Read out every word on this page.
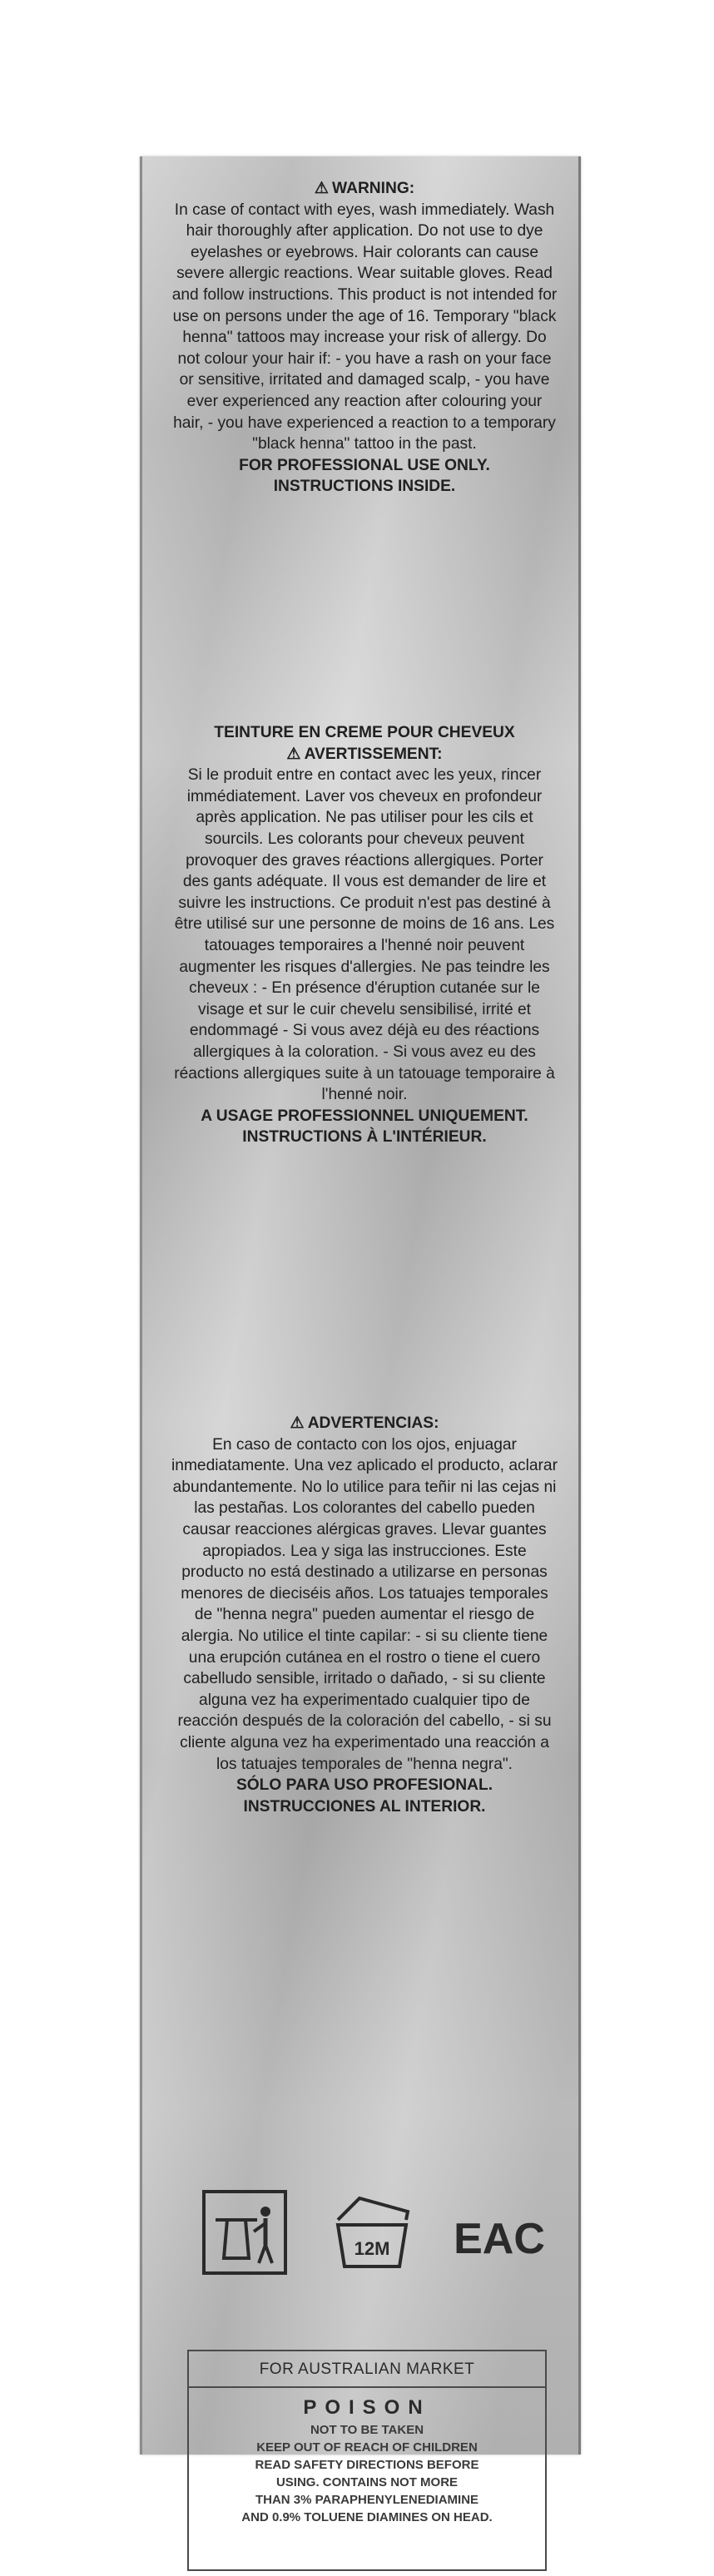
⚠ WARNING:
In case of contact with eyes, wash immediately. Wash hair thoroughly after application. Do not use to dye eyelashes or eyebrows. Hair colorants can cause severe allergic reactions. Wear suitable gloves. Read and follow instructions. This product is not intended for use on persons under the age of 16. Temporary "black henna" tattoos may increase your risk of allergy. Do not colour your hair if: - you have a rash on your face or sensitive, irritated and damaged scalp, - you have ever experienced any reaction after colouring your hair, - you have experienced a reaction to a temporary "black henna" tattoo in the past.
FOR PROFESSIONAL USE ONLY.
INSTRUCTIONS INSIDE.
TEINTURE EN CREME POUR CHEVEUX
⚠ AVERTISSEMENT:
Si le produit entre en contact avec les yeux, rincer immédiatement. Laver vos cheveux en profondeur après application. Ne pas utiliser pour les cils et sourcils. Les colorants pour cheveux peuvent provoquer des graves réactions allergiques. Porter des gants adéquate. Il vous est demander de lire et suivre les instructions. Ce produit n'est pas destiné à être utilisé sur une personne de moins de 16 ans. Les tatouages temporaires a l'henné noir peuvent augmenter les risques d'allergies. Ne pas teindre les cheveux : - En présence d'éruption cutanée sur le visage et sur le cuir chevelu sensibilisé, irrité et endommagé - Si vous avez déjà eu des réactions allergiques à la coloration. - Si vous avez eu des réactions allergiques suite à un tatouage temporaire à l'henné noir.
A USAGE PROFESSIONNEL UNIQUEMENT.
INSTRUCTIONS À L'INTÉRIEUR.
⚠ ADVERTENCIAS:
En caso de contacto con los ojos, enjuagar inmediatamente. Una vez aplicado el producto, aclarar abundantemente. No lo utilice para teñir ni las cejas ni las pestañas. Los colorantes del cabello pueden causar reacciones alérgicas graves. Llevar guantes apropiados. Lea y siga las instrucciones. Este producto no está destinado a utilizarse en personas menores de dieciséis años. Los tatuajes temporales de "henna negra" pueden aumentar el riesgo de alergia. No utilice el tinte capilar: - si su cliente tiene una erupción cutánea en el rostro o tiene el cuero cabelludo sensible, irritado o dañado, - si su cliente alguna vez ha experimentado cualquier tipo de reacción después de la coloración del cabello, - si su cliente alguna vez ha experimentado una reacción a los tatuajes temporales de "henna negra".
SÓLO PARA USO PROFESIONAL.
INSTRUCCIONES AL INTERIOR.
12M EAC
FOR AUSTRALIAN MARKET
POISON
NOT TO BE TAKEN
KEEP OUT OF REACH OF CHILDREN
READ SAFETY DIRECTIONS BEFORE
USING. CONTAINS NOT MORE
THAN 3% PARAPHENYLENEDIAMINE
AND 0.9% TOLUENE DIAMINES ON HEAD.
